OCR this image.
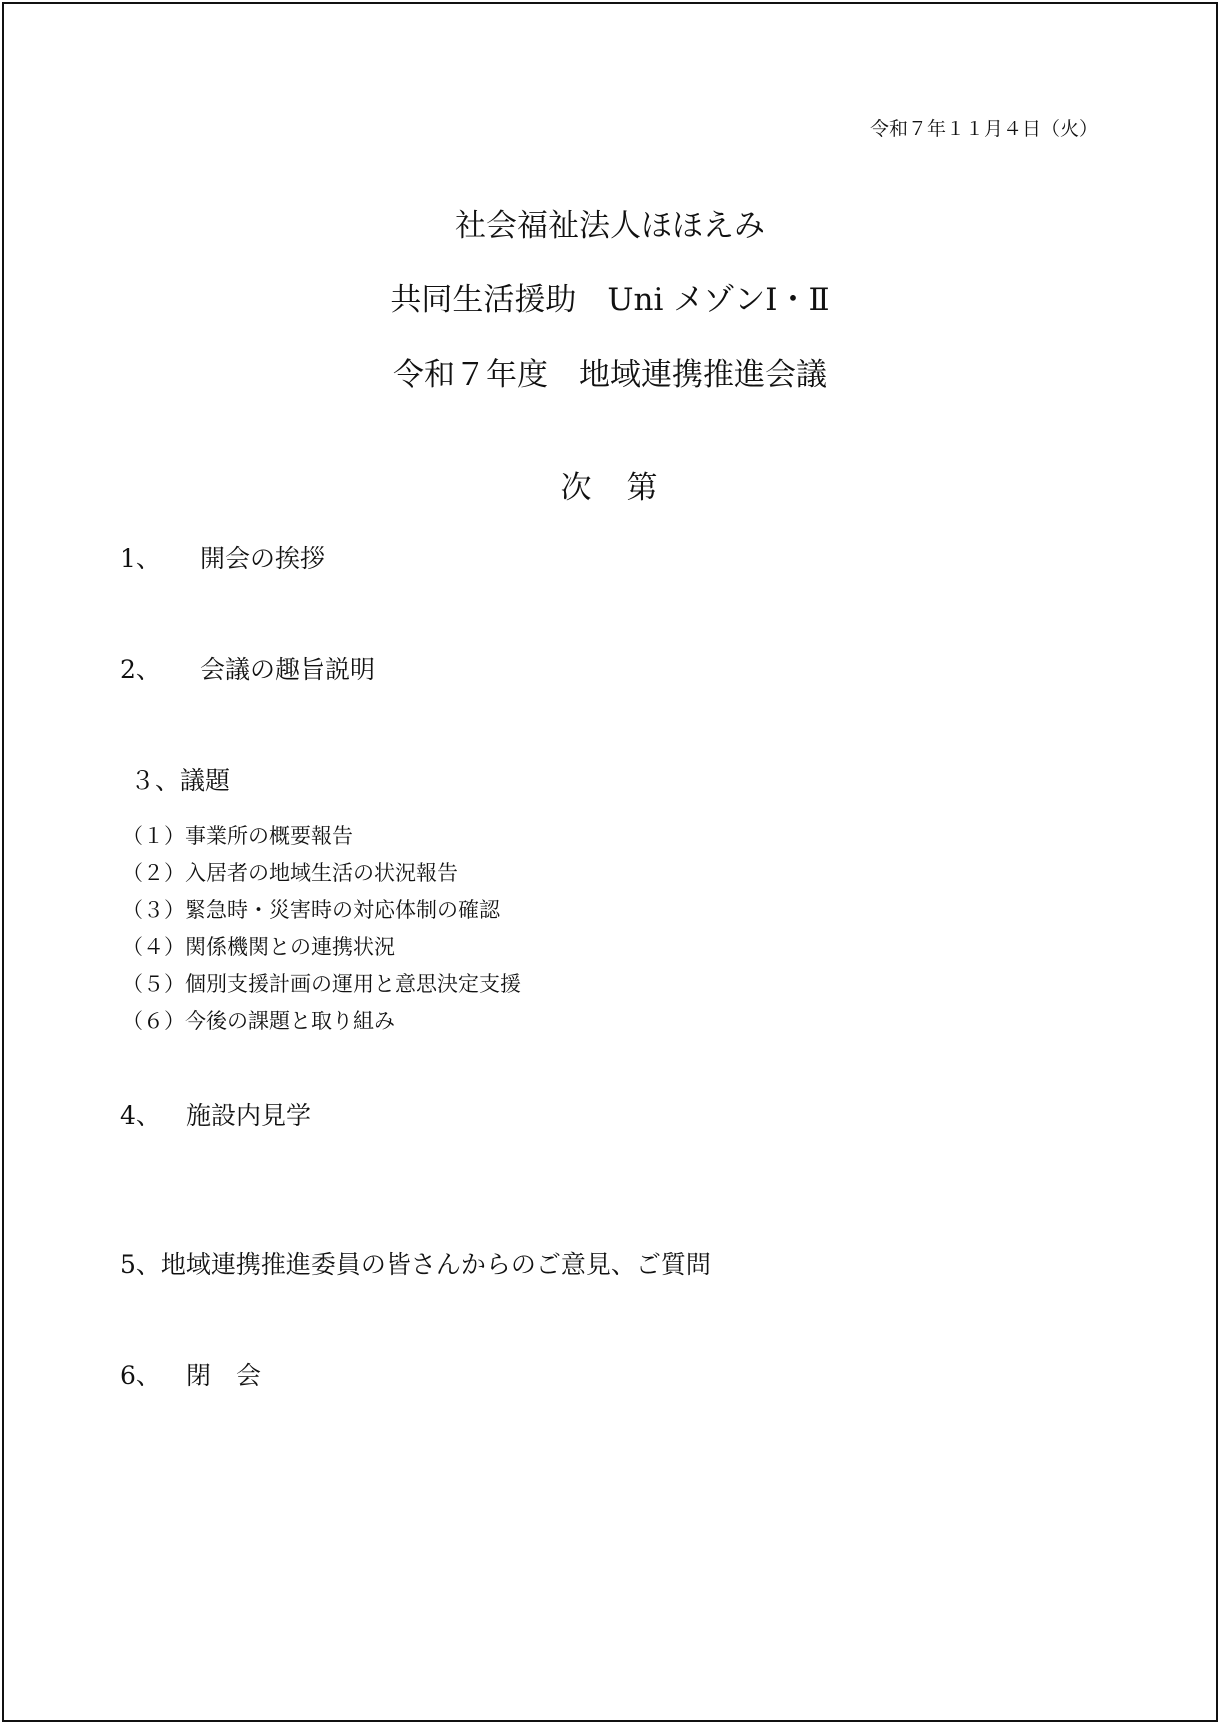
令和７年１１月４日（火）
社会福祉法人ほほえみ
共同生活援助　Uni メゾンⅠ・Ⅱ
令和７年度　地域連携推進会議
次　第
1、 開会の挨拶
2、 会議の趣旨説明
３、議題
（１）事業所の概要報告
（２）入居者の地域生活の状況報告
（３）緊急時・災害時の対応体制の確認
（４）関係機関との連携状況
（５）個別支援計画の運用と意思決定支援
（６）今後の課題と取り組み
4、 施設内見学
5、地域連携推進委員の皆さんからのご意見、ご質問
6、 閉　会
